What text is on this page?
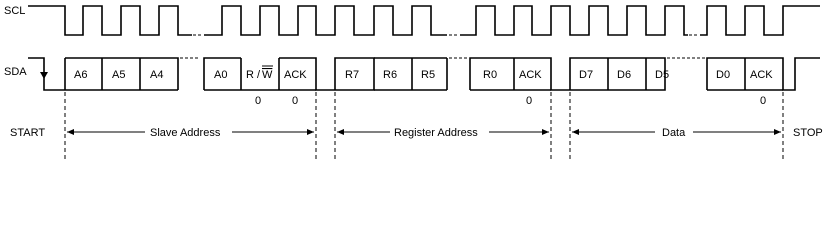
SCL
SDA	A6 A5 A4	A0 R / W ACK	R7 R6 R5	R0 ACK	D7 D6 D5	D0 ACK
0	0	0	0
START	Slave Address	Register Address	Data	STOP
